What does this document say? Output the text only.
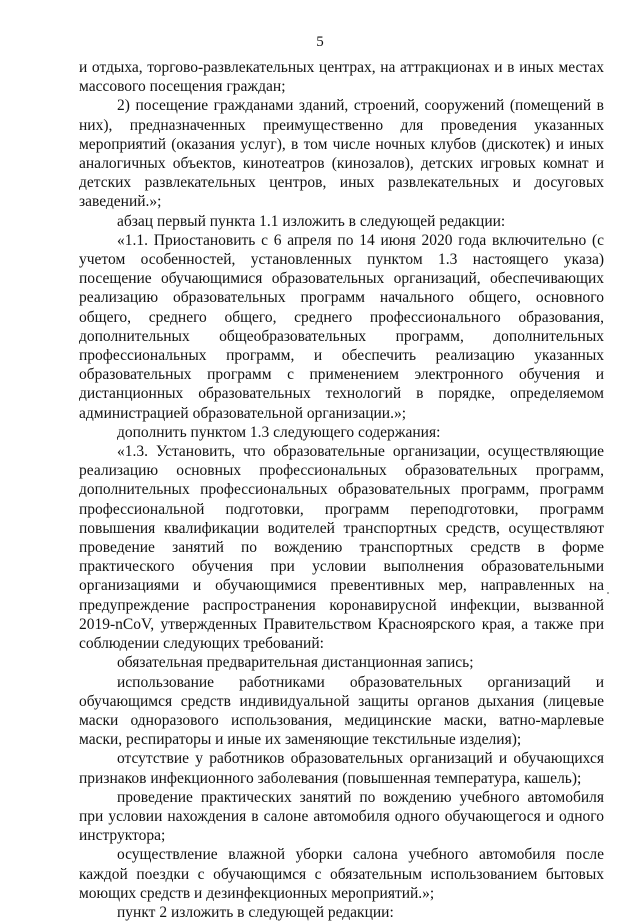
5

и отдыха, торгово-развлекательных центрах, на аттракционах и в иных местах массового посещения граждан;

2) посещение гражданами зданий, строений, сооружений (помещений в них), предназначенных преимущественно для проведения указанных мероприятий (оказания услуг), в том числе ночных клубов (дискотек) и иных аналогичных объектов, кинотеатров (кинозалов), детских игровых комнат и детских развлекательных центров, иных развлекательных и досуговых заведений.»;

абзац первый пункта 1.1 изложить в следующей редакции:

«1.1. Приостановить с 6 апреля по 14 июня 2020 года включительно (с учетом особенностей, установленных пунктом 1.3 настоящего указа) посещение обучающимися образовательных организаций, обеспечивающих реализацию образовательных программ начального общего, основного общего, среднего общего, среднего профессионального образования, дополнительных общеобразовательных программ, дополнительных профессиональных программ, и обеспечить реализацию указанных образовательных программ с применением электронного обучения и дистанционных образовательных технологий в порядке, определяемом администрацией образовательной организации.»;

дополнить пунктом 1.3 следующего содержания:

«1.3. Установить, что образовательные организации, осуществляющие реализацию основных профессиональных образовательных программ, дополнительных профессиональных образовательных программ, программ профессиональной подготовки, программ переподготовки, программ повышения квалификации водителей транспортных средств, осуществляют проведение занятий по вождению транспортных средств в форме практического обучения при условии выполнения образовательными организациями и обучающимися превентивных мер, направленных на предупреждение распространения коронавирусной инфекции, вызванной 2019-nCoV, утвержденных Правительством Красноярского края, а также при соблюдении следующих требований:

обязательная предварительная дистанционная запись;

использование работниками образовательных организаций и обучающимся средств индивидуальной защиты органов дыхания (лицевые маски одноразового использования, медицинские маски, ватно-марлевые маски, респираторы и иные их заменяющие текстильные изделия);

отсутствие у работников образовательных организаций и обучающихся признаков инфекционного заболевания (повышенная температура, кашель);

проведение практических занятий по вождению учебного автомобиля при условии нахождения в салоне автомобиля одного обучающегося и одного инструктора;

осуществление влажной уборки салона учебного автомобиля после каждой поездки с обучающимся с обязательным использованием бытовых моющих средств и дезинфекционных мероприятий.»;

пункт 2 изложить в следующей редакции:
